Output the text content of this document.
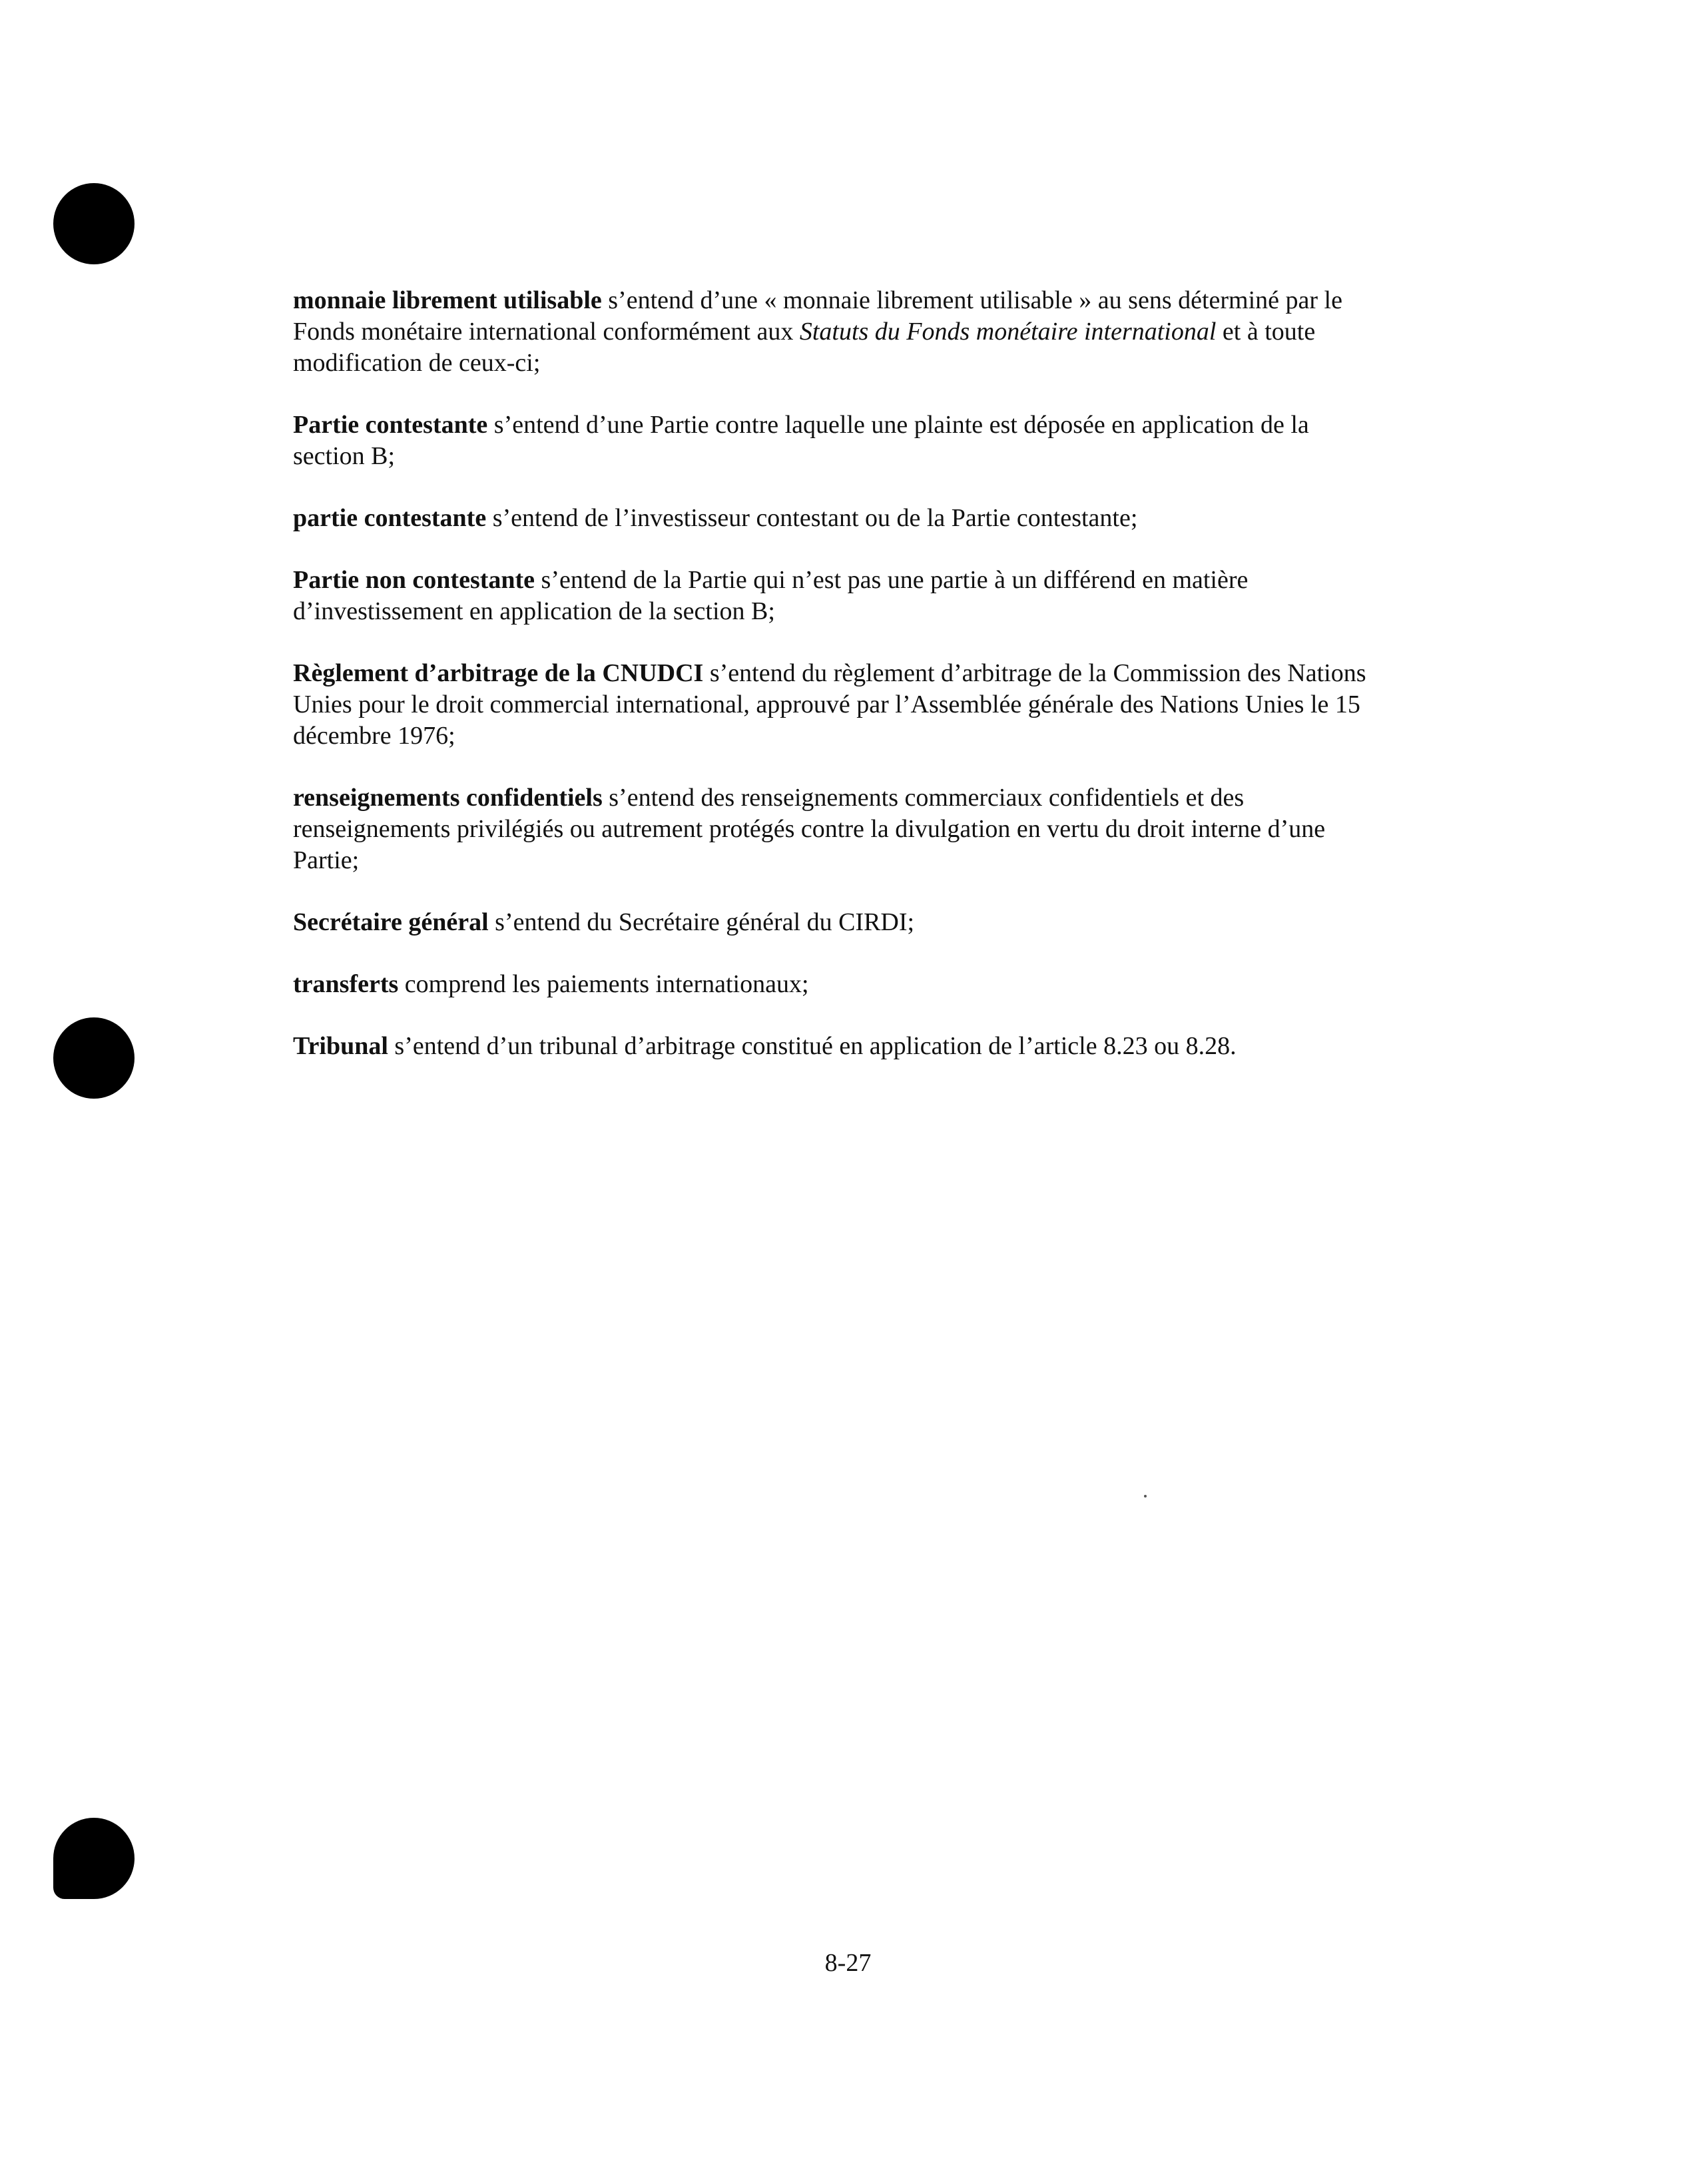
monnaie librement utilisable s’entend d’une « monnaie librement utilisable » au sens déterminé par le Fonds monétaire international conformément aux Statuts du Fonds monétaire international et à toute modification de ceux-ci;

Partie contestante s’entend d’une Partie contre laquelle une plainte est déposée en application de la section B;

partie contestante s’entend de l’investisseur contestant ou de la Partie contestante;

Partie non contestante s’entend de la Partie qui n’est pas une partie à un différend en matière d’investissement en application de la section B;

Règlement d’arbitrage de la CNUDCI s’entend du règlement d’arbitrage de la Commission des Nations Unies pour le droit commercial international, approuvé par l’Assemblée générale des Nations Unies le 15 décembre 1976;

renseignements confidentiels s’entend des renseignements commerciaux confidentiels et des renseignements privilégiés ou autrement protégés contre la divulgation en vertu du droit interne d’une Partie;

Secrétaire général s’entend du Secrétaire général du CIRDI;

transferts comprend les paiements internationaux;

Tribunal s’entend d’un tribunal d’arbitrage constitué en application de l’article 8.23 ou 8.28.

8-27
